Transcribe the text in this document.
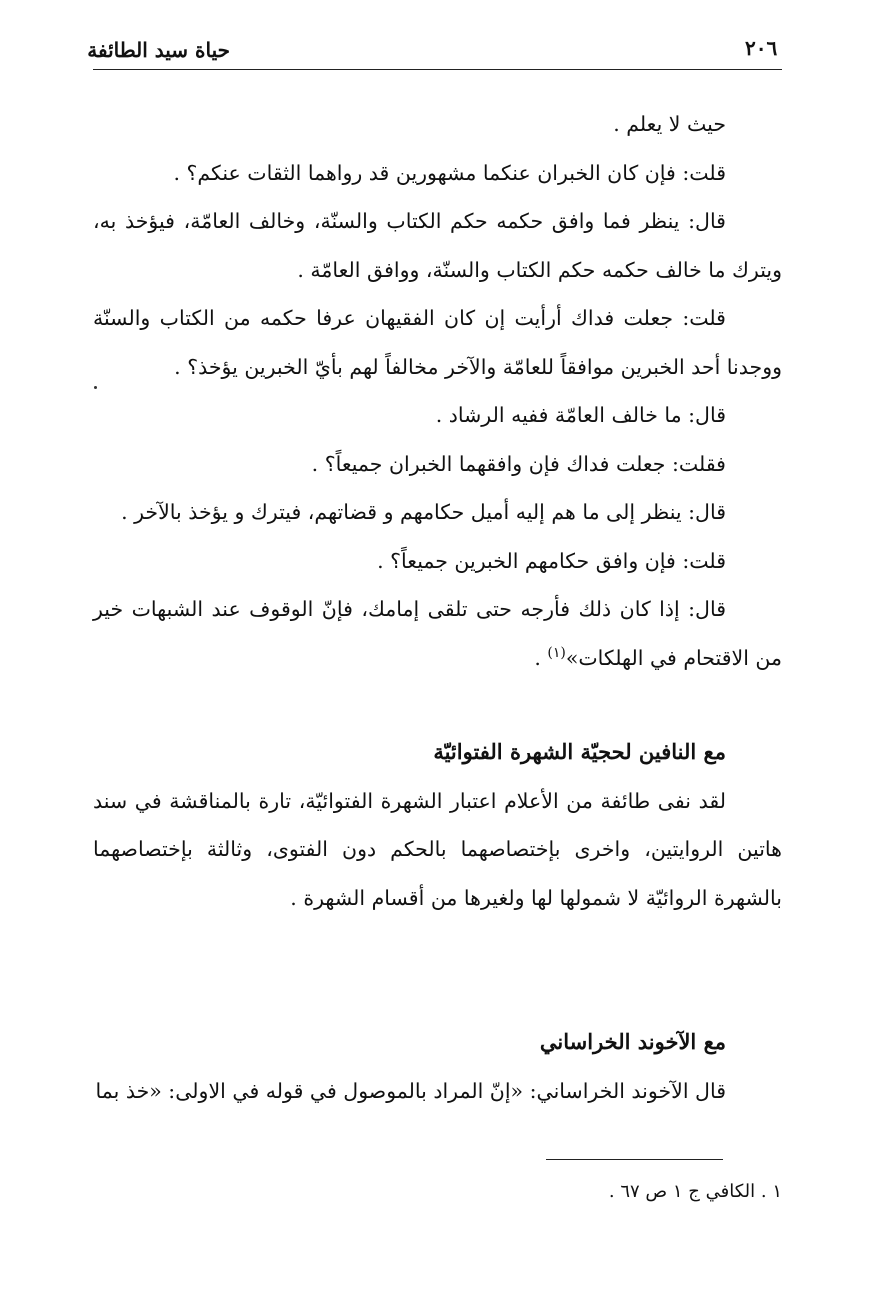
حياة سيد الطائفة	٢٠٦

حيث لا يعلم .

قلت: فإن كان الخبران عنكما مشهورين قد رواهما الثقات عنكم؟ .

قال: ينظر فما وافق حكمه حكم الكتاب والسنّة، وخالف العامّة، فيؤخذ به، ويترك ما خالف حكمه حكم الكتاب والسنّة، ووافق العامّة .

قلت: جعلت فداك أرأيت إن كان الفقيهان عرفا حكمه من الكتاب والسنّة ووجدنا أحد الخبرين موافقاً للعامّة والآخر مخالفاً لهم بأيّ الخبرين يؤخذ؟ .

قال: ما خالف العامّة ففيه الرشاد .

فقلت: جعلت فداك فإن وافقهما الخبران جميعاً؟ .

قال: ينظر إلى ما هم إليه أميل حكامهم و قضاتهم، فيترك و يؤخذ بالآخر .

قلت: فإن وافق حكامهم الخبرين جميعاً؟ .

قال: إذا كان ذلك فأرجه حتى تلقى إمامك، فإنّ الوقوف عند الشبهات خير من الاقتحام في الهلكات»$^{(١)}$ .

مع النافين لحجيّة الشهرة الفتوائيّة

لقد نفى طائفة من الأعلام اعتبار الشهرة الفتوائيّة، تارة بالمناقشة في سند هاتين الروايتين، واخرى بإختصاصهما بالحكم دون الفتوى، وثالثة بإختصاصهما بالشهرة الروائيّة لا شمولها لها ولغيرها من أقسام الشهرة .

مع الآخوند الخراساني

قال الآخوند الخراساني: «إنّ المراد بالموصول في قوله في الاولى: «خذ بما

١ . الكافي ج ١ ص ٦٧ .
